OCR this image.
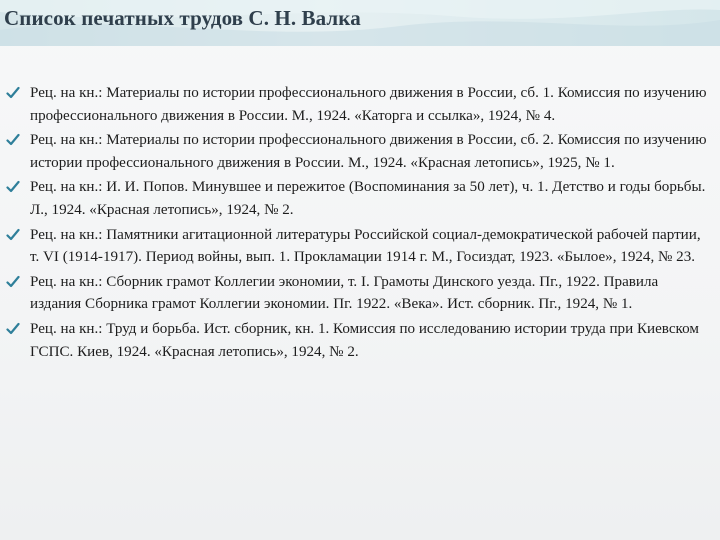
Список печатных трудов С. Н. Валка
Рец. на кн.: Материалы по истории профессионального движения в России, сб. 1. Комиссия по изучению профессионального движения в России. М., 1924. «Каторга и ссылка», 1924, № 4.
Рец. на кн.: Материалы по истории профессионального движения в России, сб. 2. Комиссия по изучению истории профессионального движения в России. М., 1924. «Красная летопись», 1925, № 1.
Рец. на кн.: И. И. Попов. Минувшее и пережитое (Воспоминания за 50 лет), ч. 1. Детство и годы борьбы. Л., 1924. «Красная летопись», 1924, № 2.
Рец. на кн.: Памятники агитационной литературы Российской социал-демократической рабочей партии, т. VI (1914-1917). Период войны, вып. 1. Прокламации 1914 г. М., Госиздат, 1923. «Былое», 1924, № 23.
Рец. на кн.: Сборник грамот Коллегии экономии, т. I. Грамоты Динского уезда. Пг., 1922. Правила издания Сборника грамот Коллегии экономии. Пг. 1922. «Века». Ист. сборник. Пг., 1924, № 1.
Рец. на кн.: Труд и борьба. Ист. сборник, кн. 1. Комиссия по исследованию истории труда при Киевском ГСПС. Киев, 1924. «Красная летопись», 1924, № 2.
